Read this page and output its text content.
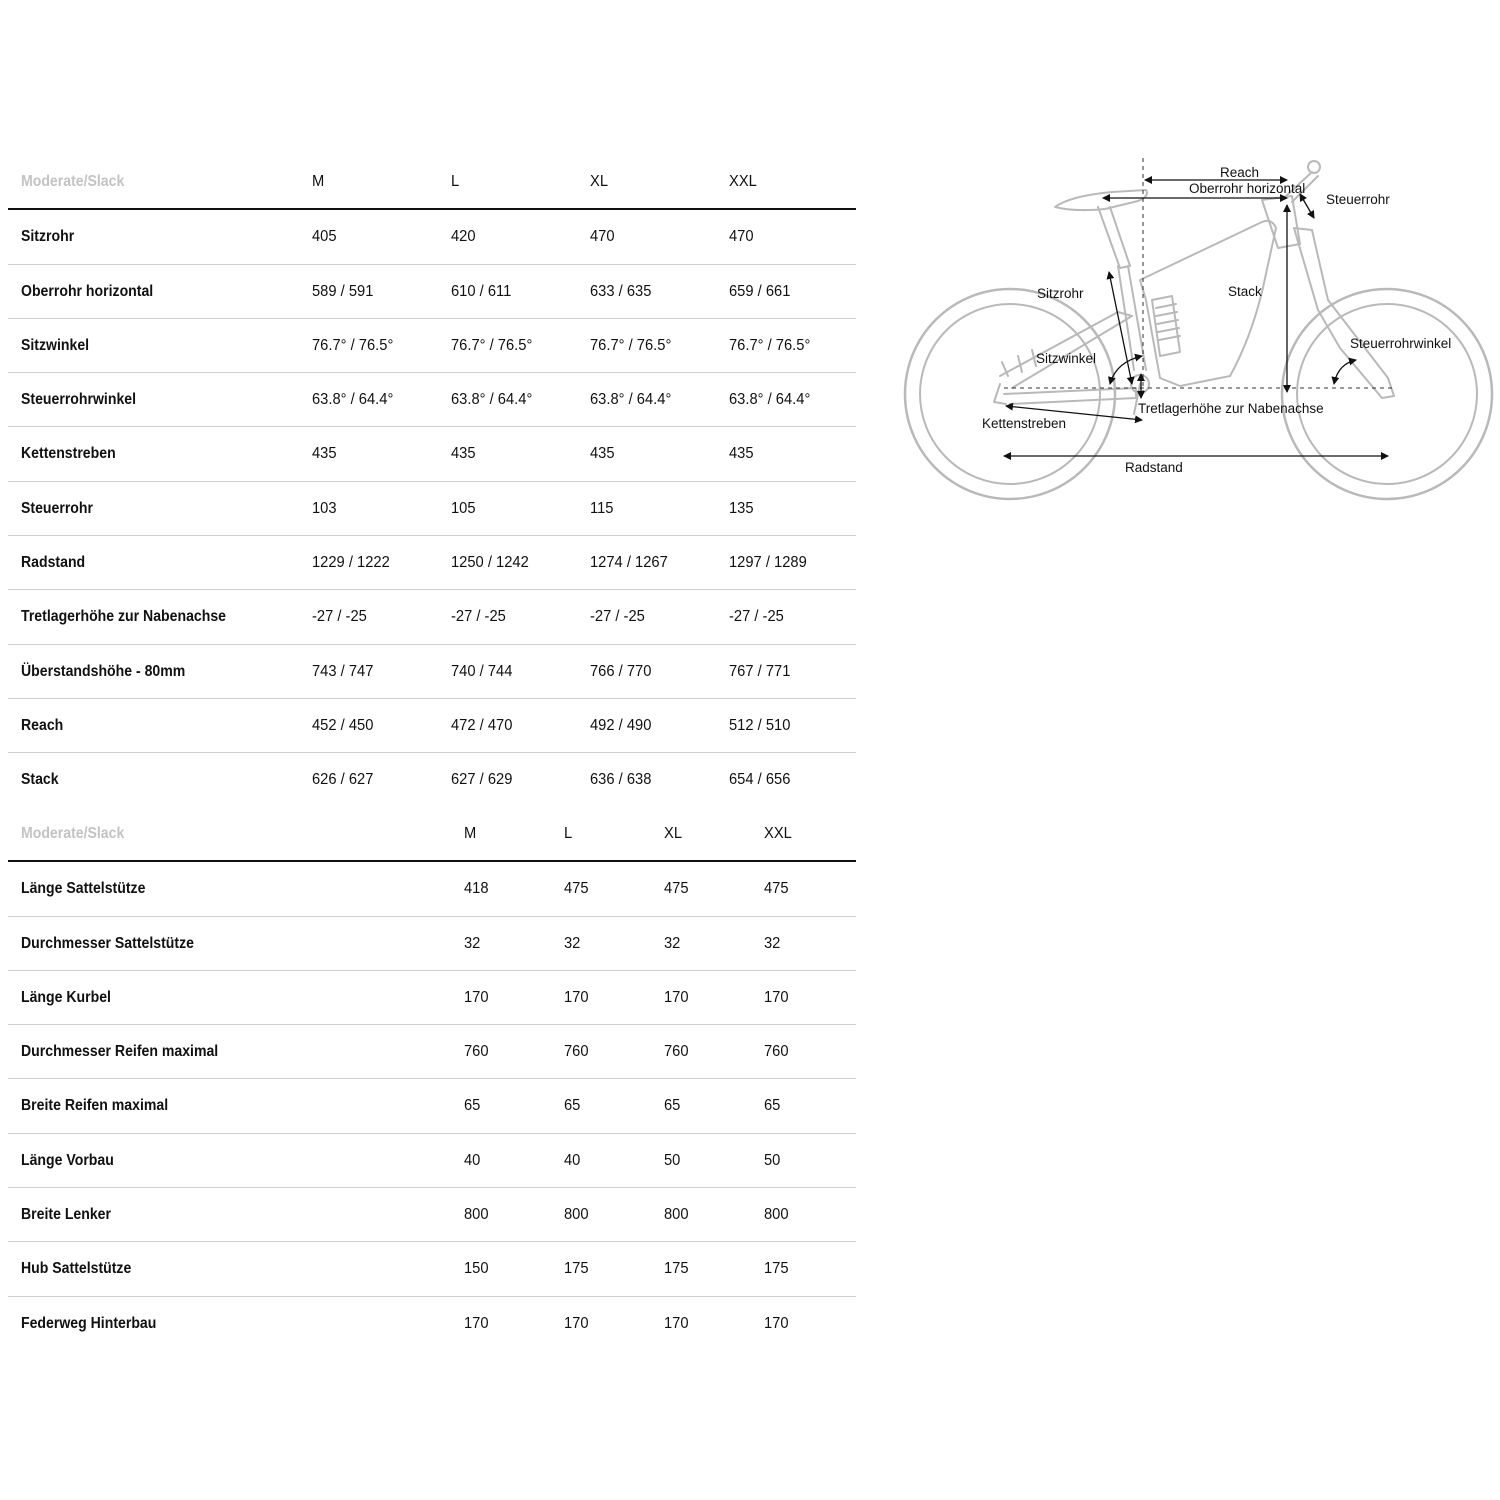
Moderate/Slack	M	L	XL	XXL
Sitzrohr	405	420	470	470
Oberrohr horizontal	589 / 591	610 / 611	633 / 635	659 / 661
Sitzwinkel	76.7° / 76.5°	76.7° / 76.5°	76.7° / 76.5°	76.7° / 76.5°
Steuerrohrwinkel	63.8° / 64.4°	63.8° / 64.4°	63.8° / 64.4°	63.8° / 64.4°
Kettenstreben	435	435	435	435
Steuerrohr	103	105	115	135
Radstand	1229 / 1222	1250 / 1242	1274 / 1267	1297 / 1289
Tretlagerhöhe zur Nabenachse	-27 / -25	-27 / -25	-27 / -25	-27 / -25
Überstandshöhe - 80mm	743 / 747	740 / 744	766 / 770	767 / 771
Reach	452 / 450	472 / 470	492 / 490	512 / 510
Stack	626 / 627	627 / 629	636 / 638	654 / 656
Moderate/Slack	M	L	XL	XXL
Länge Sattelstütze	418	475	475	475
Durchmesser Sattelstütze	32	32	32	32
Länge Kurbel	170	170	170	170
Durchmesser Reifen maximal	760	760	760	760
Breite Reifen maximal	65	65	65	65
Länge Vorbau	40	40	50	50
Breite Lenker	800	800	800	800
Hub Sattelstütze	150	175	175	175
Federweg Hinterbau	170	170	170	170
Reach
Oberrohr horizontal
Steuerrohr
Stack
Sitzrohr
Sitzwinkel
Steuerrohrwinkel
Tretlagerhöhe zur Nabenachse
Kettenstreben
Radstand
